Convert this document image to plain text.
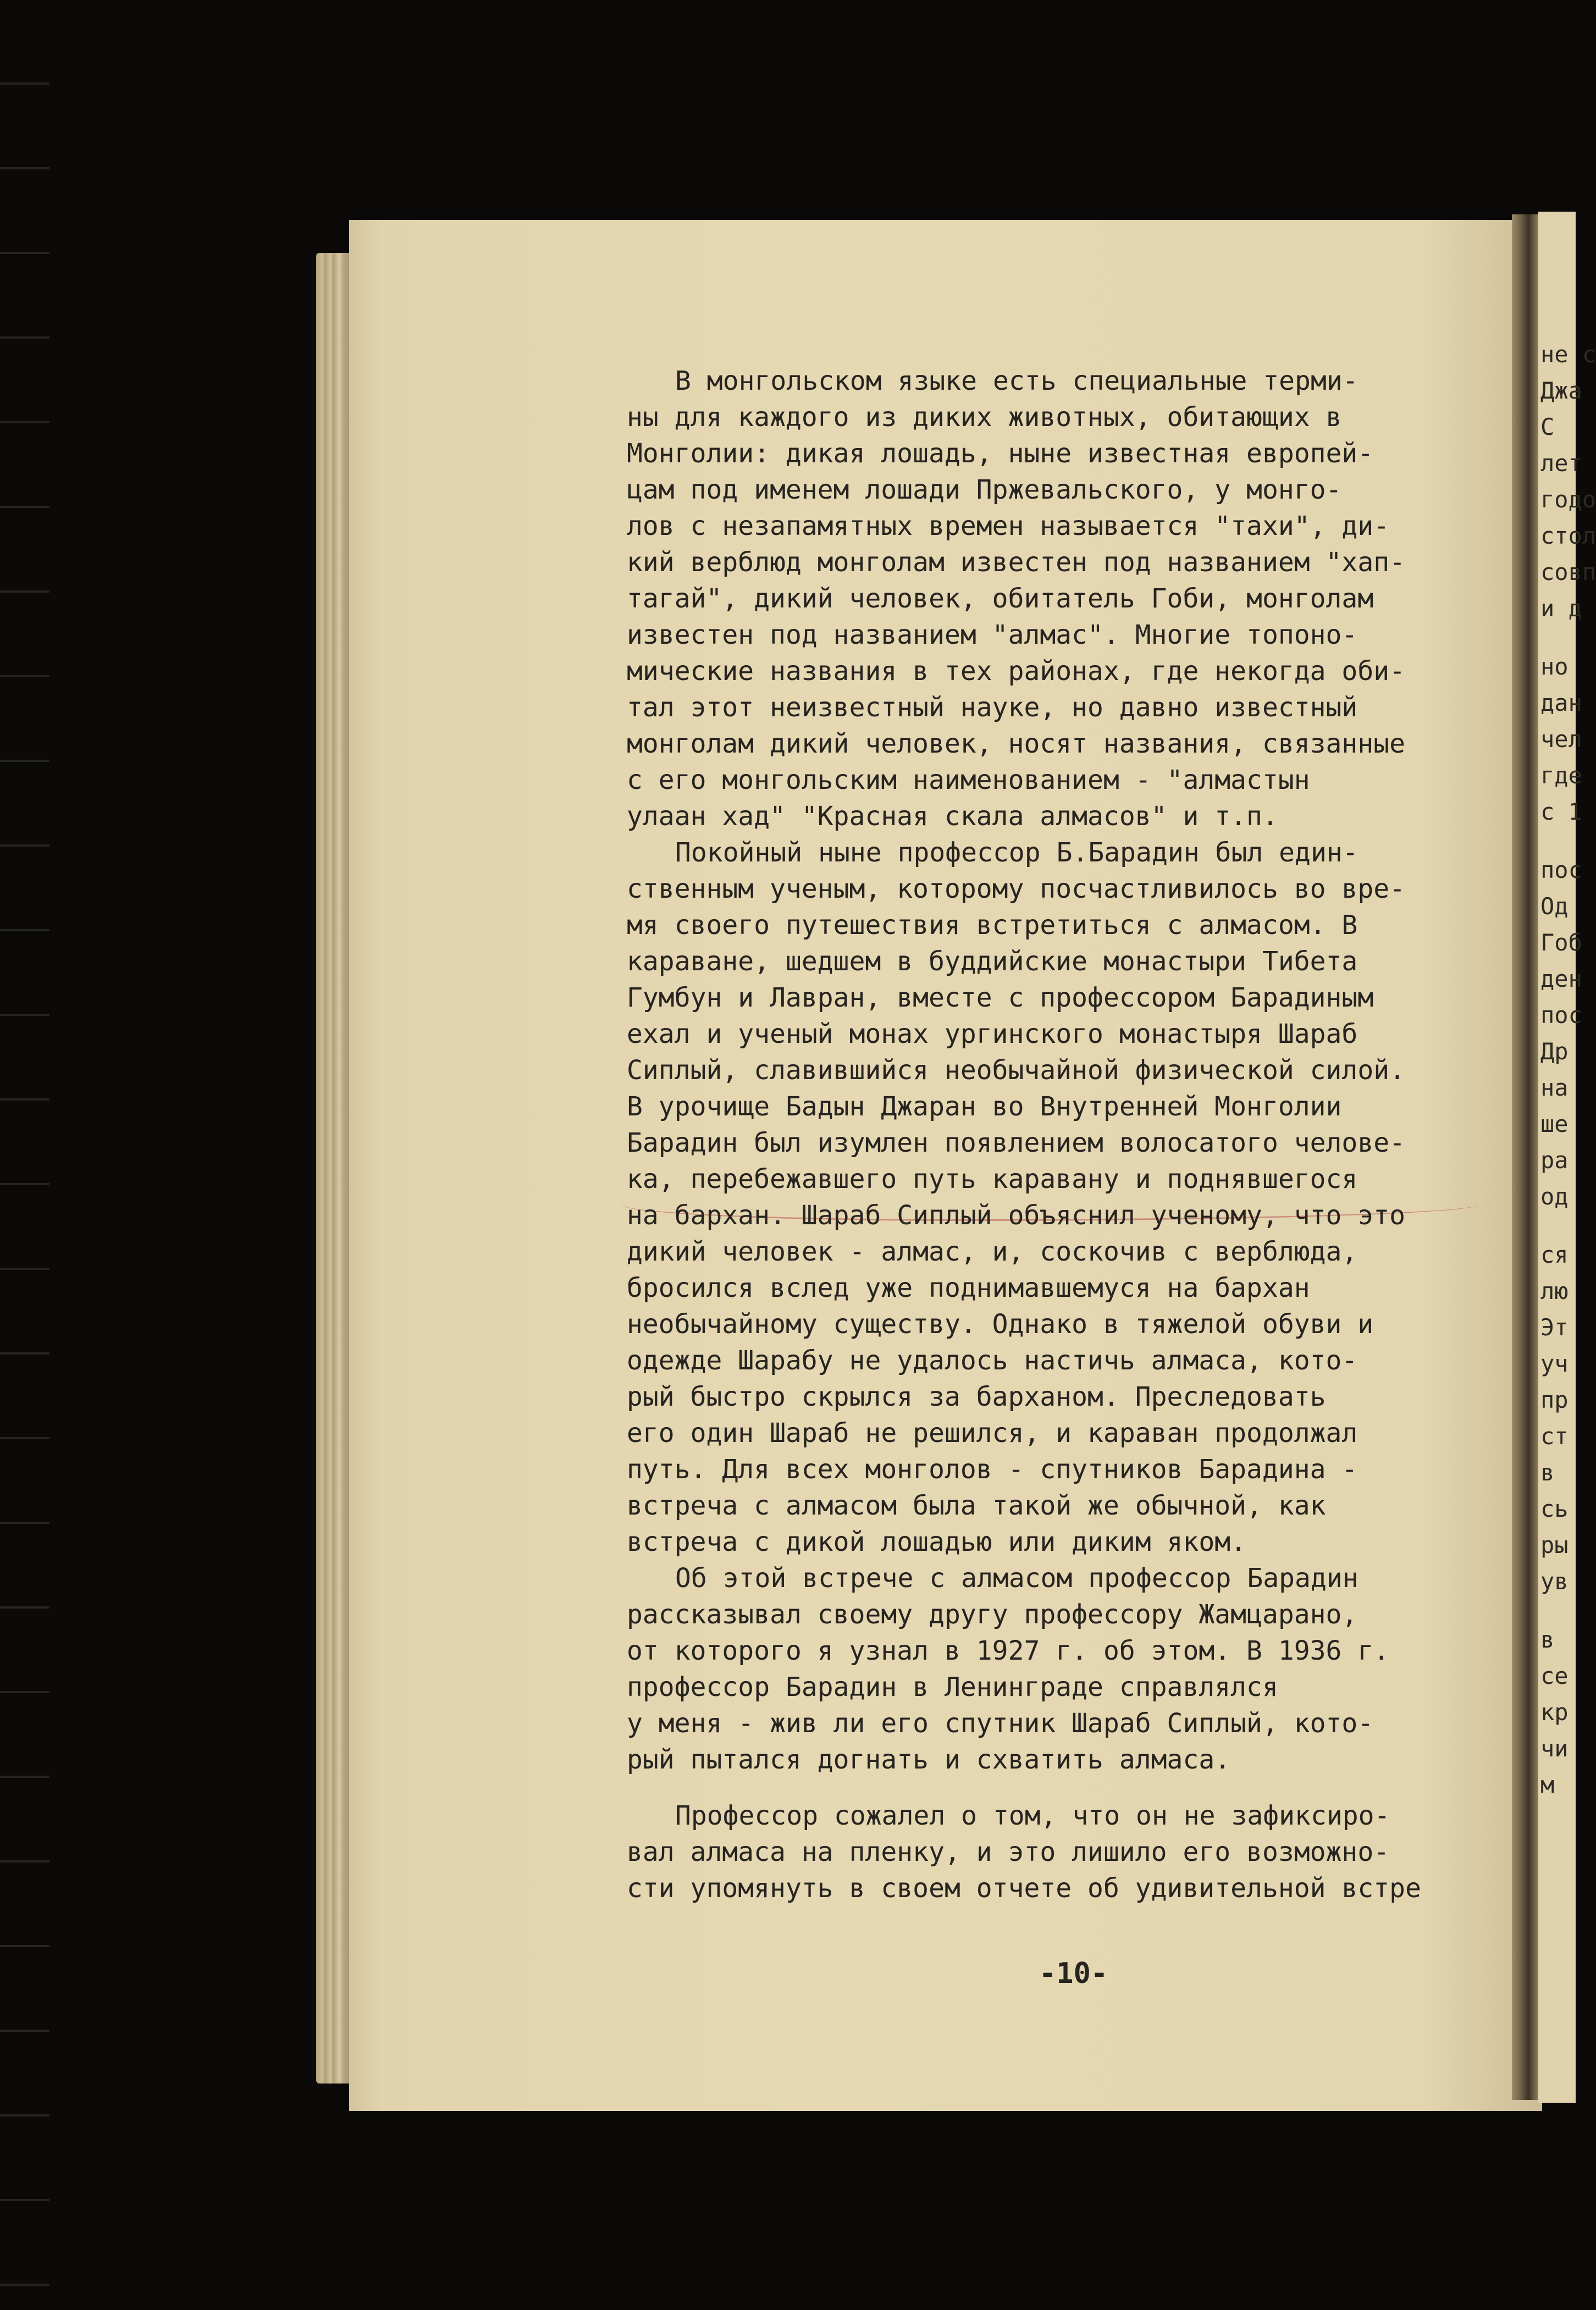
не с
Джа
С
лет
годо
стол
совп
и д
но
дан
чел
где
с 1
пос
Од
Гоб
ден
пос
Др
на
ше
ра
од
ся
лю
Эт
уч
пр
ст
в
сь
ры
ув
в
се
кр
чи
м
В монгольском языке есть специальные терми-
ны для каждого из диких животных, обитающих в
Монголии: дикая лошадь, ныне известная европей-
цам под именем лошади Пржевальского, у монго-
лов с незапамятных времен называется "тахи", ди-
кий верблюд монголам известен под названием "хап-
тагай", дикий человек, обитатель Гоби, монголам
известен под названием "алмас". Многие топоно-
мические названия в тех районах, где некогда оби-
тал этот неизвестный науке, но давно известный
монголам дикий человек, носят названия, связанные
с его монгольским наименованием - "алмастын
улаан хад" "Красная скала алмасов" и т.п.
Покойный ныне профессор Б.Барадин был един-
ственным ученым, которому посчастливилось во вре-
мя своего путешествия встретиться с алмасом. В
караване, шедшем в буддийские монастыри Тибета
Гумбун и Лавран, вместе с профессором Барадиным
ехал и ученый монах ургинского монастыря Шараб
Сиплый, славившийся необычайной физической силой.
В урочище Бадын Джаран во Внутренней Монголии
Барадин был изумлен появлением волосатого челове-
ка, перебежавшего путь каравану и поднявшегося
на бархан. Шараб Сиплый объяснил ученому, что это
дикий человек - алмас, и, соскочив с верблюда,
бросился вслед уже поднимавшемуся на бархан
необычайному существу. Однако в тяжелой обуви и
одежде Шарабу не удалось настичь алмаса, кото-
рый быстро скрылся за барханом. Преследовать
его один Шараб не решился, и караван продолжал
путь. Для всех монголов - спутников Барадина -
встреча с алмасом была такой же обычной, как
встреча с дикой лошадью или диким яком.
Об этой встрече с алмасом профессор Барадин
рассказывал своему другу профессору Жамцарано,
от которого я узнал в 1927 г. об этом. В 1936 г.
профессор Барадин в Ленинграде справлялся
у меня - жив ли его спутник Шараб Сиплый, кото-
рый пытался догнать и схватить алмаса.
Профессор сожалел о том, что он не зафиксиро-
вал алмаса на пленку, и это лишило его возможно-
сти упомянуть в своем отчете об удивительной встре
-10-
